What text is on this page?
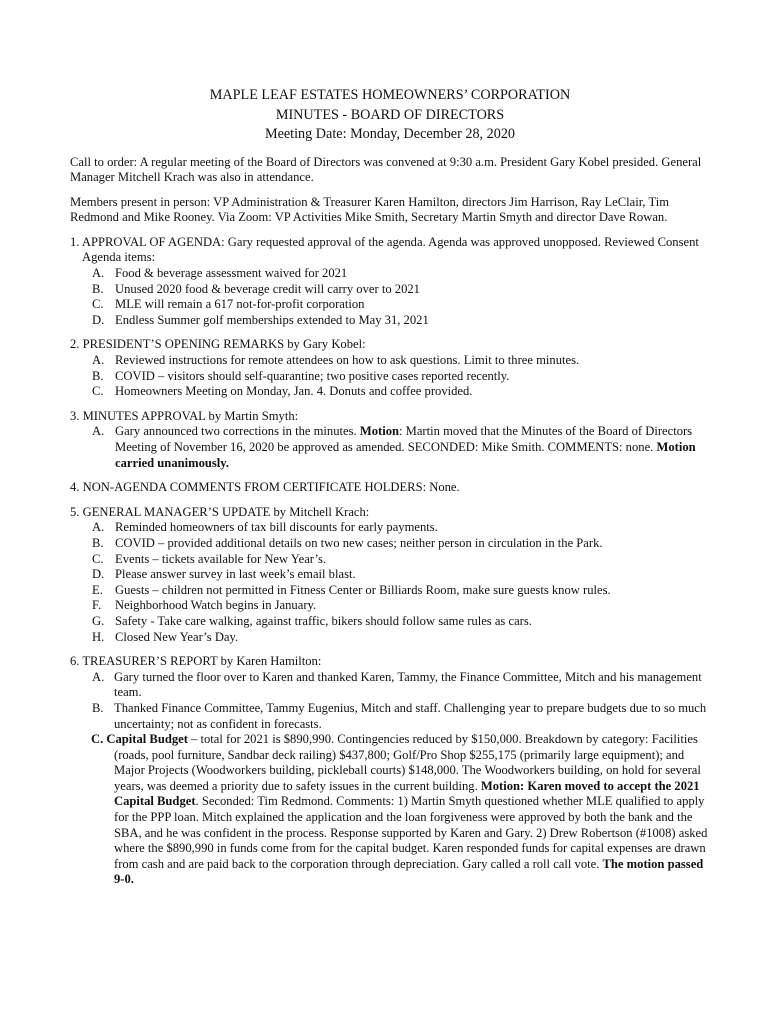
MAPLE LEAF ESTATES HOMEOWNERS’ CORPORATION
MINUTES - BOARD OF DIRECTORS
Meeting Date: Monday, December 28, 2020

Call to order: A regular meeting of the Board of Directors was convened at 9:30 a.m. President Gary Kobel presided. General Manager Mitchell Krach was also in attendance.

Members present in person: VP Administration & Treasurer Karen Hamilton, directors Jim Harrison, Ray LeClair, Tim Redmond and Mike Rooney. Via Zoom: VP Activities Mike Smith, Secretary Martin Smyth and director Dave Rowan.

1. APPROVAL OF AGENDA: Gary requested approval of the agenda. Agenda was approved unopposed. Reviewed Consent
Agenda items:
A. Food & beverage assessment waived for 2021
B. Unused 2020 food & beverage credit will carry over to 2021
C. MLE will remain a 617 not-for-profit corporation
D. Endless Summer golf memberships extended to May 31, 2021
2. PRESIDENT’S OPENING REMARKS by Gary Kobel:
A. Reviewed instructions for remote attendees on how to ask questions. Limit to three minutes.
B. COVID – visitors should self-quarantine; two positive cases reported recently.
C. Homeowners Meeting on Monday, Jan. 4. Donuts and coffee provided.
3. MINUTES APPROVAL by Martin Smyth:
A. Gary announced two corrections in the minutes. Motion: Martin moved that the Minutes of the Board of Directors Meeting of November 16, 2020 be approved as amended. SECONDED: Mike Smith. COMMENTS: none. Motion carried unanimously.
4. NON-AGENDA COMMENTS FROM CERTIFICATE HOLDERS: None.
5. GENERAL MANAGER’S UPDATE by Mitchell Krach:
A. Reminded homeowners of tax bill discounts for early payments.
B. COVID – provided additional details on two new cases; neither person in circulation in the Park.
C. Events – tickets available for New Year’s.
D. Please answer survey in last week’s email blast.
E. Guests – children not permitted in Fitness Center or Billiards Room, make sure guests know rules.
F. Neighborhood Watch begins in January.
G. Safety - Take care walking, against traffic, bikers should follow same rules as cars.
H. Closed New Year’s Day.
6. TREASURER’S REPORT by Karen Hamilton:
A. Gary turned the floor over to Karen and thanked Karen, Tammy, the Finance Committee, Mitch and his management team.
B. Thanked Finance Committee, Tammy Eugenius, Mitch and staff. Challenging year to prepare budgets due to so much uncertainty; not as confident in forecasts.
C. Capital Budget – total for 2021 is $890,990. Contingencies reduced by $150,000. Breakdown by category: Facilities (roads, pool furniture, Sandbar deck railing) $437,800; Golf/Pro Shop $255,175 (primarily large equipment); and Major Projects (Woodworkers building, pickleball courts) $148,000. The Woodworkers building, on hold for several years, was deemed a priority due to safety issues in the current building. Motion: Karen moved to accept the 2021 Capital Budget. Seconded: Tim Redmond. Comments: 1) Martin Smyth questioned whether MLE qualified to apply for the PPP loan. Mitch explained the application and the loan forgiveness were approved by both the bank and the SBA, and he was confident in the process. Response supported by Karen and Gary. 2) Drew Robertson (#1008) asked where the $890,990 in funds come from for the capital budget. Karen responded funds for capital expenses are drawn from cash and are paid back to the corporation through depreciation. Gary called a roll call vote. The motion passed 9-0.
